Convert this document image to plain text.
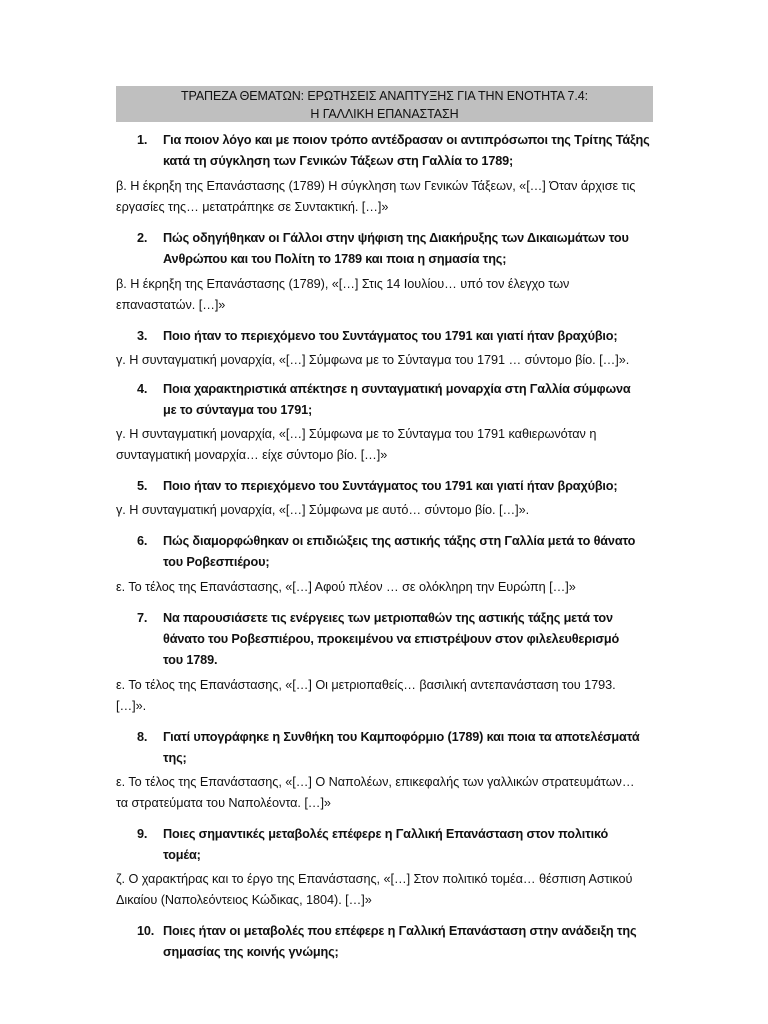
ΤΡΑΠΕΖΑ ΘΕΜΑΤΩΝ: ΕΡΩΤΗΣΕΙΣ ΑΝΑΠΤΥΞΗΣ ΓΙΑ ΤΗΝ ΕΝΟΤΗΤΑ 7.4:
Η ΓΑΛΛΙΚΗ ΕΠΑΝΑΣΤΑΣΗ
1. Για ποιον λόγο και με ποιον τρόπο αντέδρασαν οι αντιπρόσωποι της Τρίτης Τάξης
κατά τη σύγκληση των Γενικών Τάξεων στη Γαλλία το 1789;
β. Η έκρηξη της Επανάστασης (1789) Η σύγκληση των Γενικών Τάξεων, «[…] Όταν άρχισε τις
εργασίες της… μετατράπηκε σε Συντακτική. […]»
2. Πώς οδηγήθηκαν οι Γάλλοι στην ψήφιση της Διακήρυξης των Δικαιωμάτων του
Ανθρώπου και του Πολίτη το 1789 και ποια η σημασία της;
β. Η έκρηξη της Επανάστασης (1789), «[…] Στις 14 Ιουλίου… υπό τον έλεγχο των
επαναστατών. […]»
3. Ποιο ήταν το περιεχόμενο του Συντάγματος του 1791 και γιατί ήταν βραχύβιο;
γ. Η συνταγματική μοναρχία, «[…] Σύμφωνα με το Σύνταγμα του 1791 … σύντομο βίο. […]».
4. Ποια χαρακτηριστικά απέκτησε η συνταγματική μοναρχία στη Γαλλία σύμφωνα
με το σύνταγμα του 1791;
γ. Η συνταγματική μοναρχία, «[…] Σύμφωνα με το Σύνταγμα του 1791 καθιερωνόταν η
συνταγματική μοναρχία… είχε σύντομο βίο. […]»
5. Ποιο ήταν το περιεχόμενο του Συντάγματος του 1791 και γιατί ήταν βραχύβιο;
γ. Η συνταγματική μοναρχία, «[…] Σύμφωνα με αυτό… σύντομο βίο. […]».
6. Πώς διαμορφώθηκαν οι επιδιώξεις της αστικής τάξης στη Γαλλία μετά το θάνατο
του Ροβεσπιέρου;
ε. Το τέλος της Επανάστασης, «[…] Αφού πλέον … σε ολόκληρη την Ευρώπη […]»
7. Να παρουσιάσετε τις ενέργειες των μετριοπαθών της αστικής τάξης μετά τον
θάνατο του Ροβεσπιέρου, προκειμένου να επιστρέψουν στον φιλελευθερισμό
του 1789.
ε. Το τέλος της Επανάστασης, «[…] Οι μετριοπαθείς… βασιλική αντεπανάσταση του 1793.
[…]».
8. Γιατί υπογράφηκε η Συνθήκη του Καμποφόρμιο (1789) και ποια τα αποτελέσματά
της;
ε. Το τέλος της Επανάστασης, «[…] Ο Ναπολέων, επικεφαλής των γαλλικών στρατευμάτων…
τα στρατεύματα του Ναπολέοντα. […]»
9. Ποιες σημαντικές μεταβολές επέφερε η Γαλλική Επανάσταση στον πολιτικό
τομέα;
ζ. Ο χαρακτήρας και το έργο της Επανάστασης, «[…] Στον πολιτικό τομέα… θέσπιση Αστικού
Δικαίου (Ναπολεόντειος Κώδικας, 1804). […]»
10. Ποιες ήταν οι μεταβολές που επέφερε η Γαλλική Επανάσταση στην ανάδειξη της
σημασίας της κοινής γνώμης;
